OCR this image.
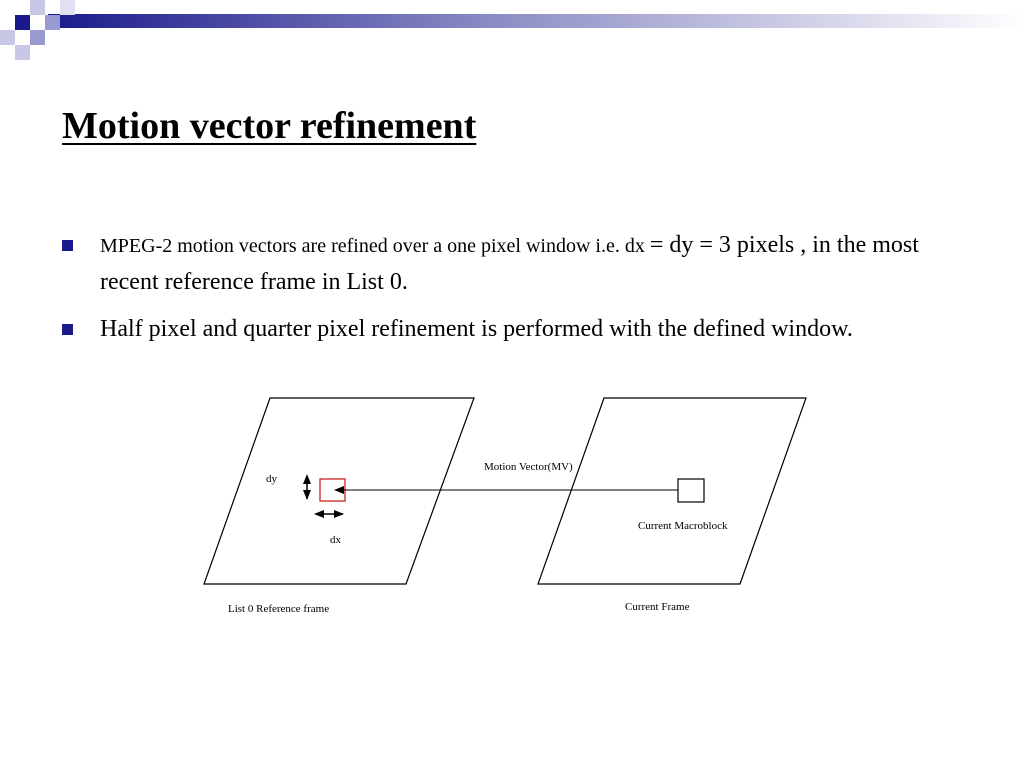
Motion vector refinement
MPEG-2 motion vectors are refined over a one pixel window i.e. dx = dy = 3 pixels , in the most recent reference frame in List 0.
Half pixel and quarter pixel refinement is performed with the defined window.
dy
dx
Motion Vector(MV)
Current Macroblock
List 0 Reference frame	Current Frame
